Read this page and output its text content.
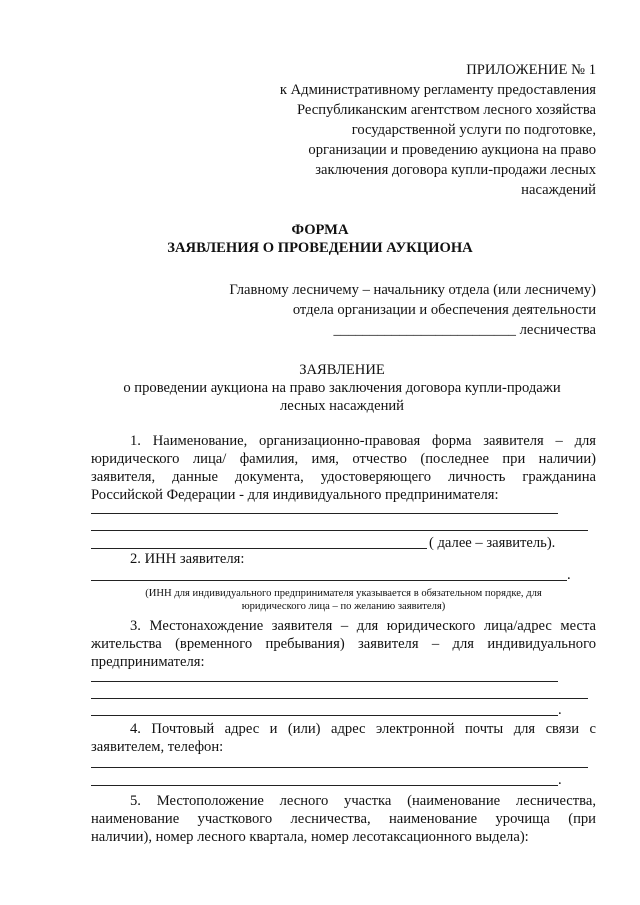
ПРИЛОЖЕНИЕ № 1
к Административному регламенту предоставления
Республиканским агентством лесного хозяйства
государственной услуги по подготовке,
организации и проведению аукциона на право
заключения договора купли-продажи лесных
насаждений
ФОРМА
ЗАЯВЛЕНИЯ О ПРОВЕДЕНИИ АУКЦИОНА
Главному лесничему – начальнику отдела (или лесничему)
отдела организации и обеспечения деятельности
_________________________ лесничества
ЗАЯВЛЕНИЕ
о проведении аукциона на право заключения договора купли-продажи
лесных насаждений
1. Наименование, организационно-правовая форма заявителя – для
юридического лица/ фамилия, имя, отчество (последнее при наличии)
заявителя, данные документа, удостоверяющего личность гражданина
Российской Федерации - для индивидуального предпринимателя:
( далее – заявитель).
2. ИНН заявителя:
.
(ИНН для индивидуального предпринимателя указывается в обязательном порядке, для
юридического лица – по желанию заявителя)
3. Местонахождение заявителя – для юридического лица/адрес места
жительства (временного пребывания) заявителя – для индивидуального
предпринимателя:
.
4. Почтовый адрес и (или) адрес электронной почты для связи с
заявителем, телефон:
.
5. Местоположение лесного участка (наименование лесничества,
наименование участкового лесничества, наименование урочища (при
наличии), номер лесного квартала, номер лесотаксационного выдела):
